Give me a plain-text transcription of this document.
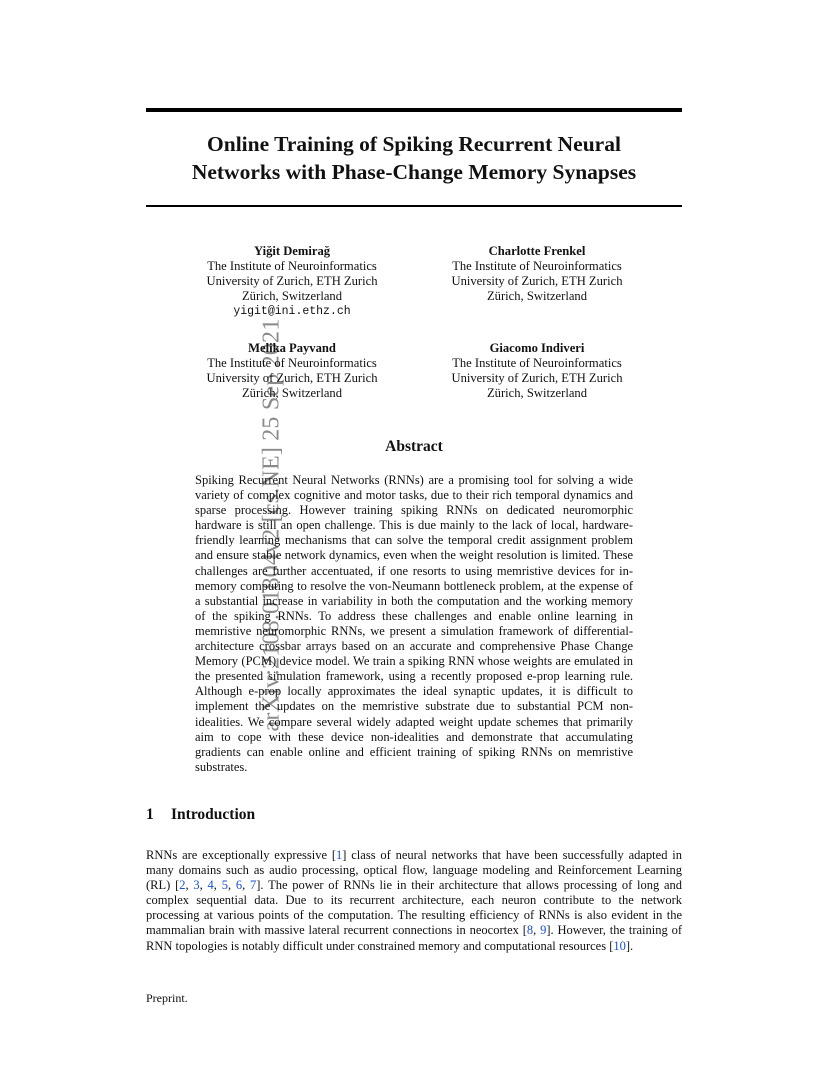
arXiv:2108.01804v2 [cs.NE] 25 Sep 2021
Online Training of Spiking Recurrent Neural
Networks with Phase-Change Memory Synapses
Yiğit Demirağ
The Institute of Neuroinformatics
University of Zurich, ETH Zurich
Zürich, Switzerland
yigit@ini.ethz.ch
Charlotte Frenkel
The Institute of Neuroinformatics
University of Zurich, ETH Zurich
Zürich, Switzerland
Melika Payvand
The Institute of Neuroinformatics
University of Zurich, ETH Zurich
Zürich, Switzerland
Giacomo Indiveri
The Institute of Neuroinformatics
University of Zurich, ETH Zurich
Zürich, Switzerland
Abstract

Spiking Recurrent Neural Networks (RNNs) are a promising tool for solving a wide variety of complex cognitive and motor tasks, due to their rich temporal dynamics and sparse processing. However training spiking RNNs on dedicated neuromorphic hardware is still an open challenge. This is due mainly to the lack of local, hardware-friendly learning mechanisms that can solve the temporal credit assignment problem and ensure stable network dynamics, even when the weight resolution is limited. These challenges are further accentuated, if one resorts to using memristive devices for in-memory computing to resolve the von-Neumann bottleneck problem, at the expense of a substantial increase in variability in both the computation and the working memory of the spiking RNNs. To address these challenges and enable online learning in memristive neuromorphic RNNs, we present a simulation framework of differential-architecture crossbar arrays based on an accurate and comprehensive Phase Change Memory (PCM) device model. We train a spiking RNN whose weights are emulated in the presented simulation framework, using a recently proposed e-prop learning rule. Although e-prop locally approximates the ideal synaptic updates, it is difficult to implement the updates on the memristive substrate due to substantial PCM non-idealities. We compare several widely adapted weight update schemes that primarily aim to cope with these device non-idealities and demonstrate that accumulating gradients can enable online and efficient training of spiking RNNs on memristive substrates.

1 Introduction

RNNs are exceptionally expressive [1] class of neural networks that have been successfully adapted in many domains such as audio processing, optical flow, language modeling and Reinforcement Learning (RL) [2, 3, 4, 5, 6, 7]. The power of RNNs lie in their architecture that allows processing of long and complex sequential data. Due to its recurrent architecture, each neuron contribute to the network processing at various points of the computation. The resulting efficiency of RNNs is also evident in the mammalian brain with massive lateral recurrent connections in neocortex [8, 9]. However, the training of RNN topologies is notably difficult under constrained memory and computational resources [10].

Preprint.
